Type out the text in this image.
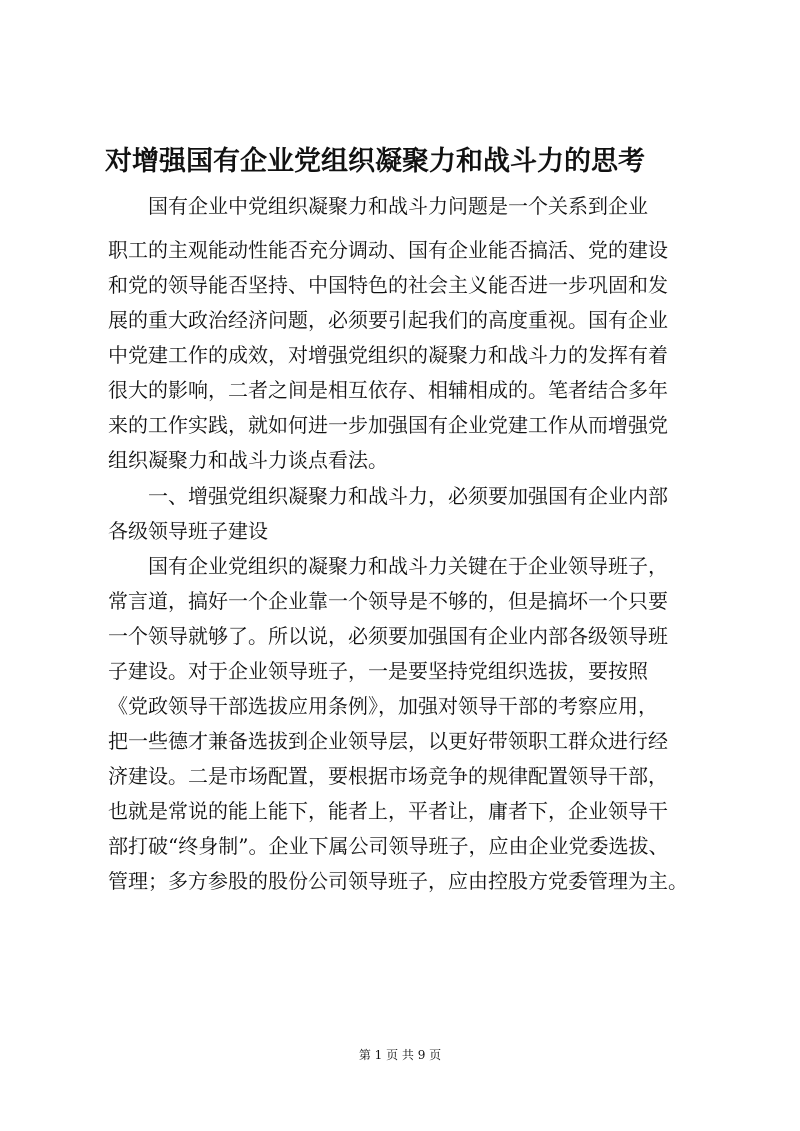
对增强国有企业党组织凝聚力和战斗力的思考
　　国有企业中党组织凝聚力和战斗力问题是一个关系到企业
职工的主观能动性能否充分调动、国有企业能否搞活、党的建设
和党的领导能否坚持、中国特色的社会主义能否进一步巩固和发
展的重大政治经济问题，必须要引起我们的高度重视。国有企业
中党建工作的成效，对增强党组织的凝聚力和战斗力的发挥有着
很大的影响，二者之间是相互依存、相辅相成的。笔者结合多年
来的工作实践，就如何进一步加强国有企业党建工作从而增强党
组织凝聚力和战斗力谈点看法。
　　一、增强党组织凝聚力和战斗力，必须要加强国有企业内部
各级领导班子建设
　　国有企业党组织的凝聚力和战斗力关键在于企业领导班子，
常言道，搞好一个企业靠一个领导是不够的，但是搞坏一个只要
一个领导就够了。所以说，必须要加强国有企业内部各级领导班
子建设。对于企业领导班子，一是要坚持党组织选拔，要按照
《党政领导干部选拔应用条例》，加强对领导干部的考察应用，
把一些德才兼备选拔到企业领导层，以更好带领职工群众进行经
济建设。二是市场配置，要根据市场竞争的规律配置领导干部，
也就是常说的能上能下，能者上，平者让，庸者下，企业领导干
部打破“终身制”。企业下属公司领导班子，应由企业党委选拔、
管理；多方参股的股份公司领导班子，应由控股方党委管理为主。
第 1 页 共 9 页
